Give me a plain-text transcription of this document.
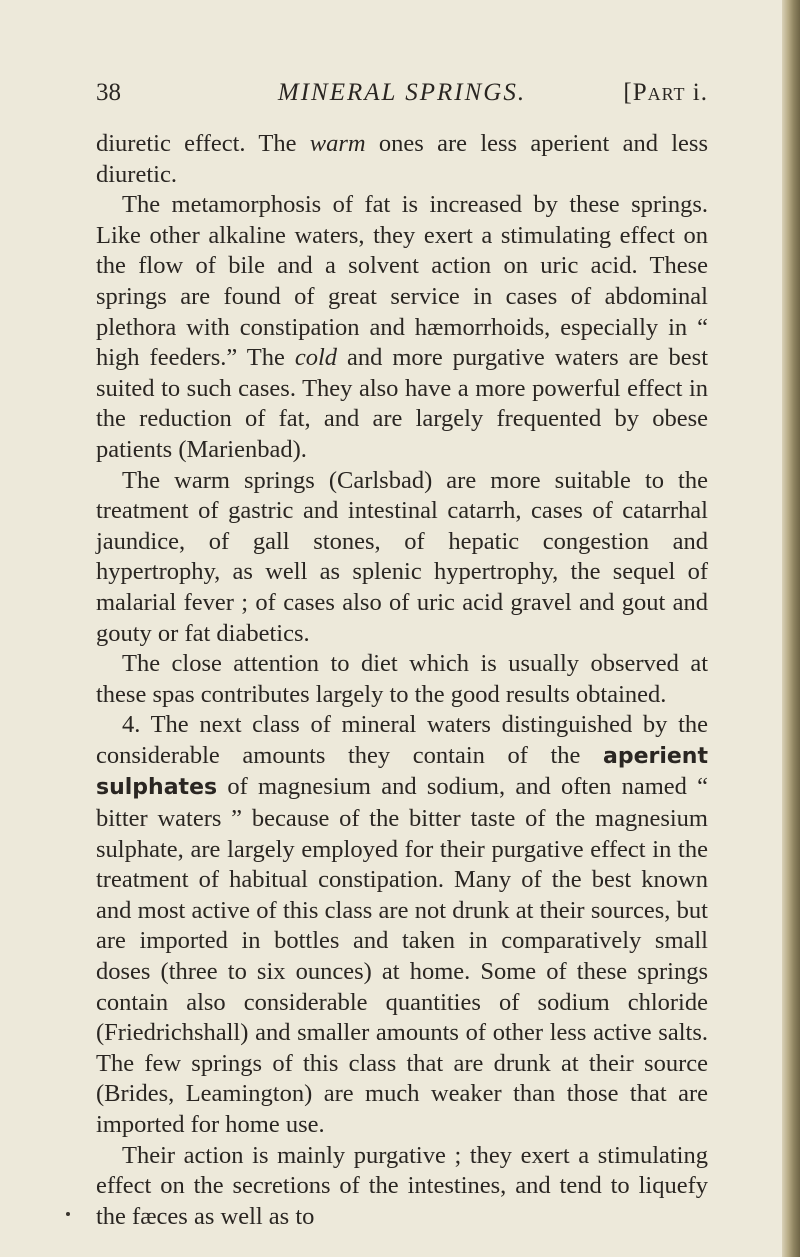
38	MINERAL SPRINGS.	[Part i.

diuretic effect. The warm ones are less aperient and less diuretic.

The metamorphosis of fat is increased by these springs. Like other alkaline waters, they exert a stimulating effect on the flow of bile and a solvent action on uric acid. These springs are found of great service in cases of abdominal plethora with constipation and hæmorrhoids, especially in “ high feeders.” The cold and more purgative waters are best suited to such cases. They also have a more powerful effect in the reduction of fat, and are largely frequented by obese patients (Marienbad).

The warm springs (Carlsbad) are more suitable to the treatment of gastric and intestinal catarrh, cases of catarrhal jaundice, of gall stones, of hepatic congestion and hypertrophy, as well as splenic hypertrophy, the sequel of malarial fever ; of cases also of uric acid gravel and gout and gouty or fat diabetics.

The close attention to diet which is usually observed at these spas contributes largely to the good results obtained.

4. The next class of mineral waters distinguished by the considerable amounts they contain of the aperient sulphates of magnesium and sodium, and often named “ bitter waters ” because of the bitter taste of the magnesium sulphate, are largely employed for their purgative effect in the treatment of habitual constipation. Many of the best known and most active of this class are not drunk at their sources, but are imported in bottles and taken in comparatively small doses (three to six ounces) at home. Some of these springs contain also considerable quantities of sodium chloride (Friedrichshall) and smaller amounts of other less active salts. The few springs of this class that are drunk at their source (Brides, Leamington) are much weaker than those that are imported for home use.

Their action is mainly purgative ; they exert a stimulating effect on the secretions of the intestines, and tend to liquefy the fæces as well as to
